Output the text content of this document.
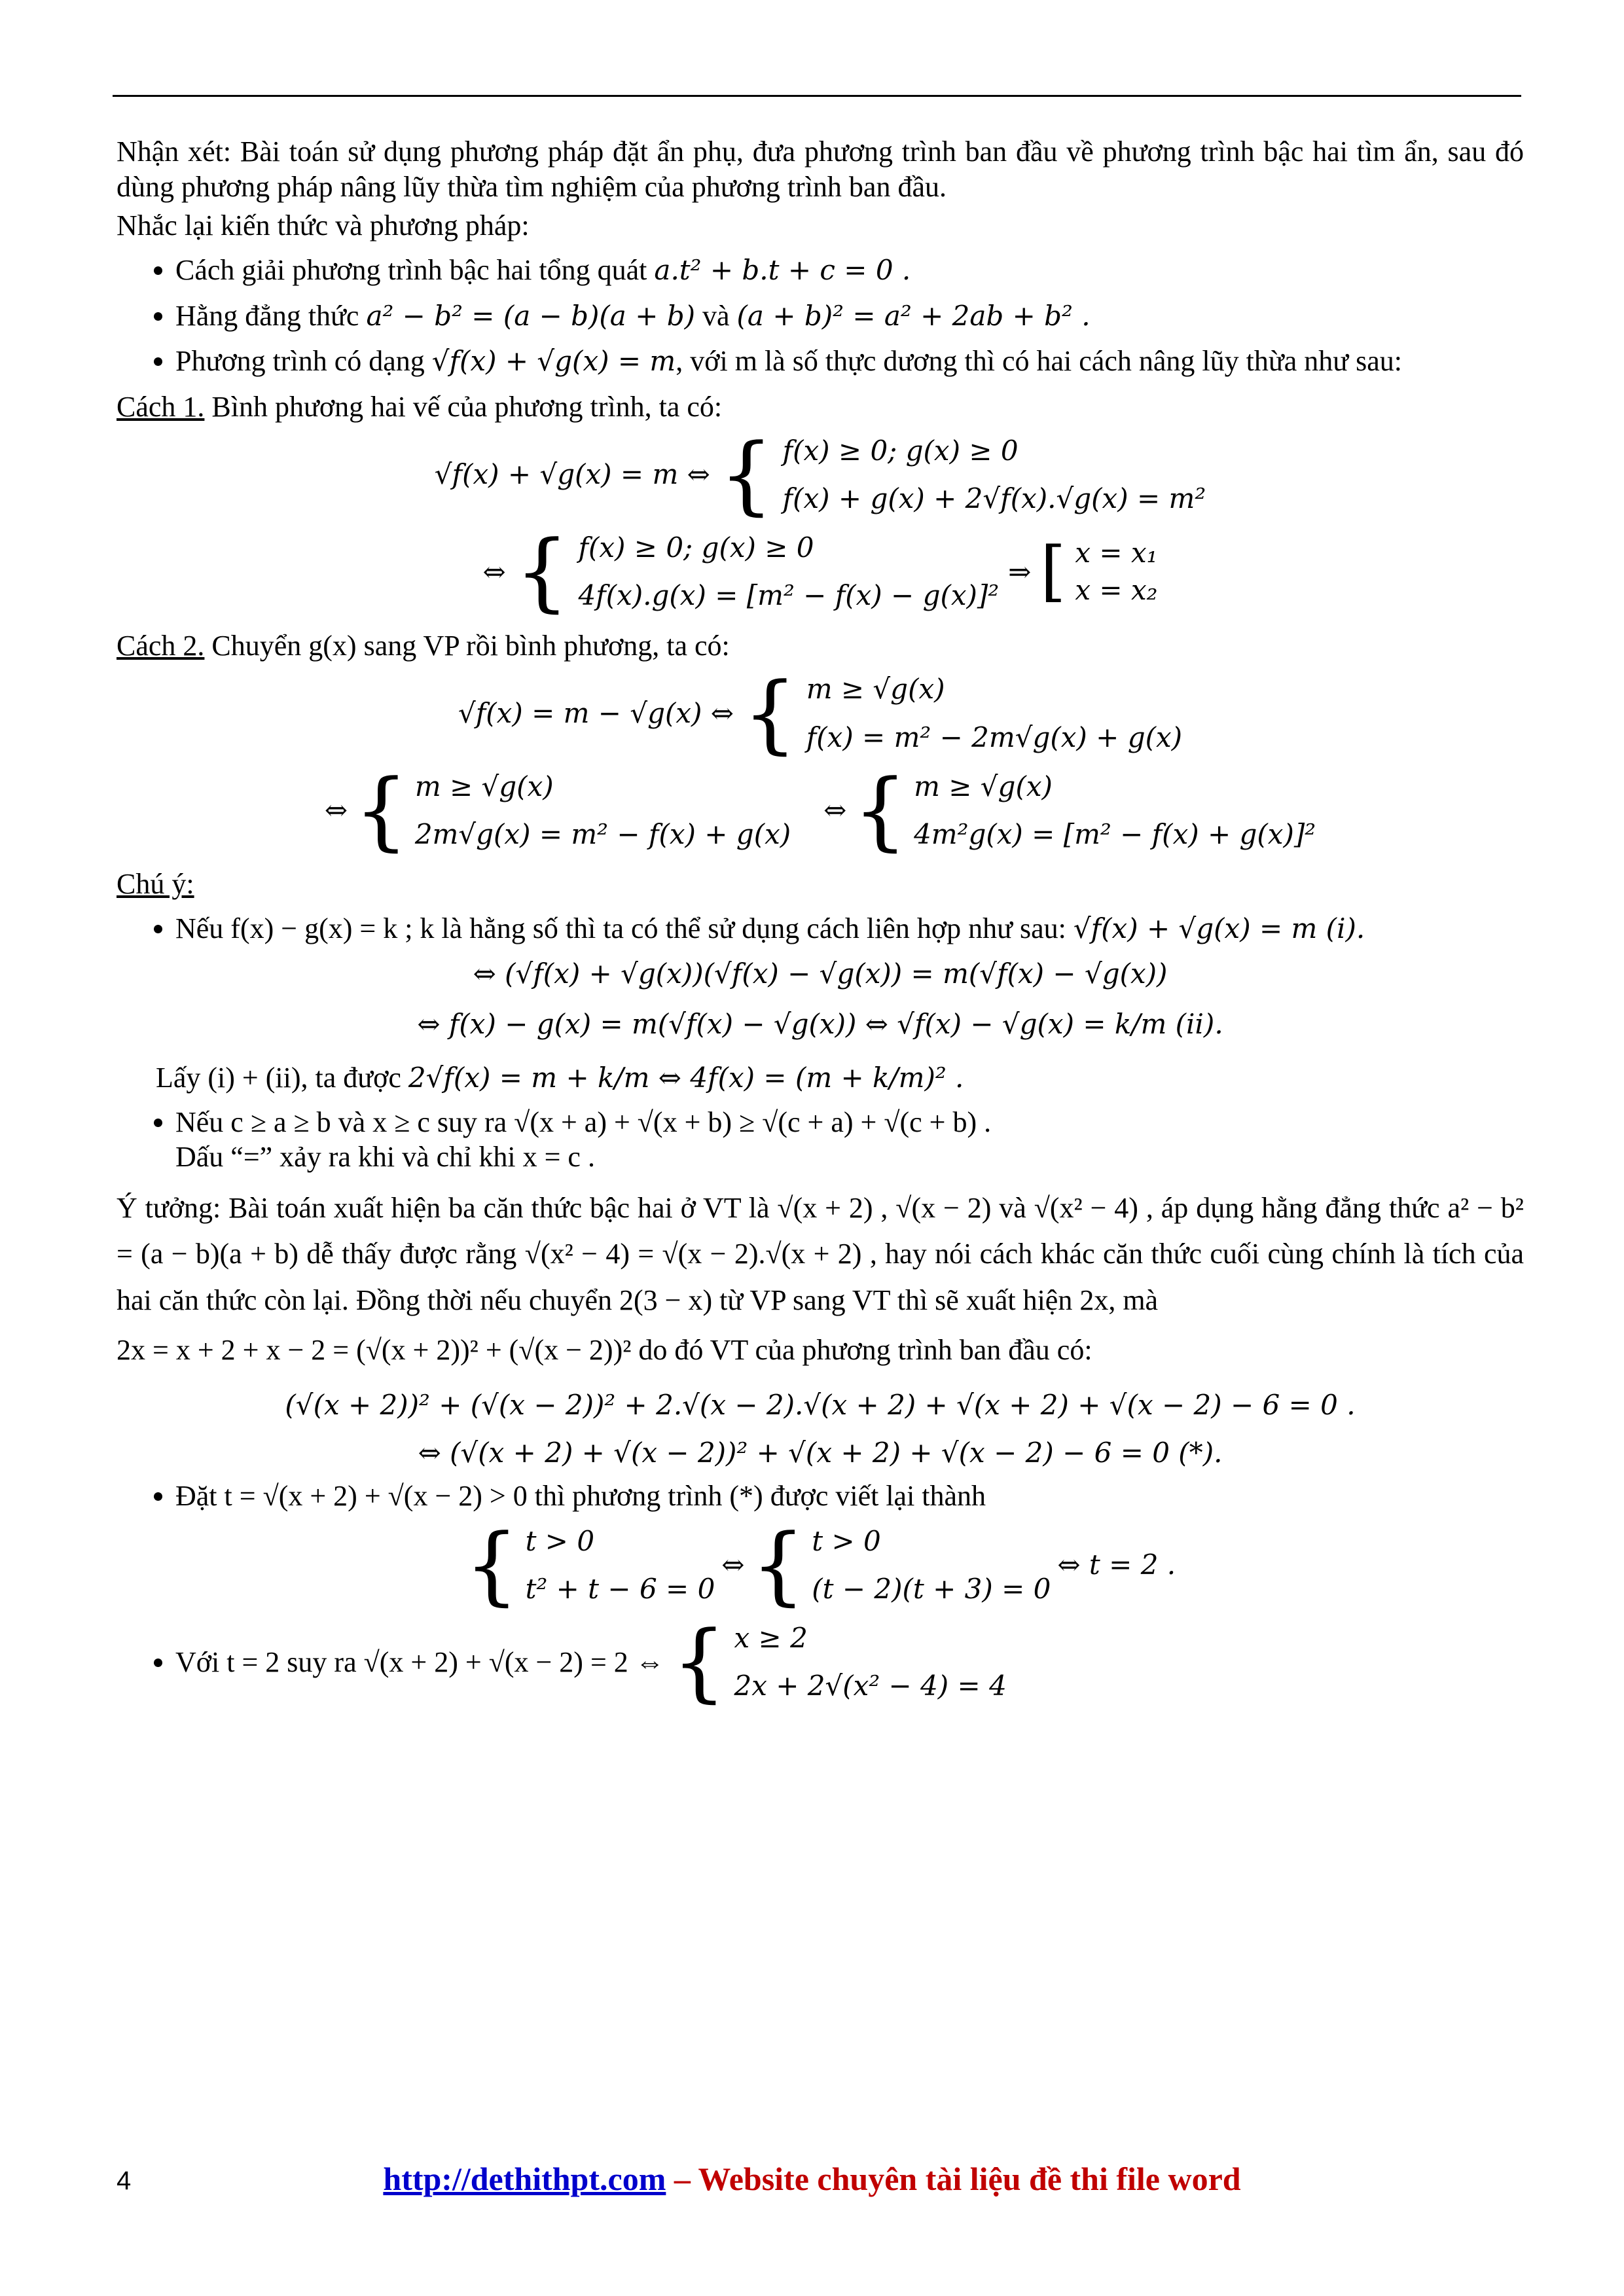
Nhận xét: Bài toán sử dụng phương pháp đặt ẩn phụ, đưa phương trình ban đầu về phương trình bậc hai tìm ẩn, sau đó dùng phương pháp nâng lũy thừa tìm nghiệm của phương trình ban đầu.

Nhắc lại kiến thức và phương pháp:

• Cách giải phương trình bậc hai tổng quát a.t² + b.t + c = 0 .
• Hằng đẳng thức a² − b² = (a − b)(a + b) và (a + b)² = a² + 2ab + b² .
• Phương trình có dạng √f(x) + √g(x) = m, với m là số thực dương thì có hai cách nâng lũy thừa như sau:

Cách 1. Bình phương hai vế của phương trình, ta có:

√f(x) + √g(x) = m ⇔ { f(x) ≥ 0; g(x) ≥ 0
f(x) + g(x) + 2√f(x).√g(x) = m²
⇔ { f(x) ≥ 0; g(x) ≥ 0
4f(x).g(x) = [m² − f(x) − g(x)]²
⇒ [ x = x₁
x = x₂

Cách 2. Chuyển g(x) sang VP rồi bình phương, ta có:

√f(x) = m − √g(x) ⇔ { m ≥ √g(x)
f(x) = m² − 2m√g(x) + g(x)
⇔ { m ≥ √g(x)
2m√g(x) = m² − f(x) + g(x)
⇔ { m ≥ √g(x)
4m²g(x) = [m² − f(x) + g(x)]²

Chú ý:

• Nếu f(x) − g(x) = k ; k là hằng số thì ta có thể sử dụng cách liên hợp như sau: √f(x) + √g(x) = m (i).

⇔ (√f(x) + √g(x))(√f(x) − √g(x)) = m(√f(x) − √g(x))

⇔ f(x) − g(x) = m(√f(x) − √g(x)) ⇔ √f(x) − √g(x) = k/m (ii).

Lấy (i) + (ii), ta được 2√f(x) = m + k/m ⇔ 4f(x) = (m + k/m)² .

• Nếu c ≥ a ≥ b và x ≥ c suy ra √(x + a) + √(x + b) ≥ √(c + a) + √(c + b) .
Dấu “=” xảy ra khi và chỉ khi x = c .

Ý tưởng: Bài toán xuất hiện ba căn thức bậc hai ở VT là √(x + 2) , √(x − 2) và √(x² − 4) , áp dụng hằng đẳng thức a² − b² = (a − b)(a + b) dễ thấy được rằng √(x² − 4) = √(x − 2).√(x + 2) , hay nói cách khác căn thức cuối cùng chính là tích của hai căn thức còn lại. Đồng thời nếu chuyển 2(3 − x) từ VP sang VT thì sẽ xuất hiện 2x, mà

2x = x + 2 + x − 2 = (√(x + 2))² + (√(x − 2))² do đó VT của phương trình ban đầu có:

(√(x + 2))² + (√(x − 2))² + 2.√(x − 2).√(x + 2) + √(x + 2) + √(x − 2) − 6 = 0 .

⇔ (√(x + 2) + √(x − 2))² + √(x + 2) + √(x − 2) − 6 = 0 (*).

• Đặt t = √(x + 2) + √(x − 2) > 0 thì phương trình (*) được viết lại thành
{ t > 0
t² + t − 6 = 0
⇔ { t > 0
(t − 2)(t + 3) = 0
⇔ t = 2 .
• Với t = 2 suy ra √(x + 2) + √(x − 2) = 2 ⇔ { x ≥ 2
2x + 2√(x² − 4) = 4
4	http://dethithpt.com – Website chuyên tài liệu đề thi file word
